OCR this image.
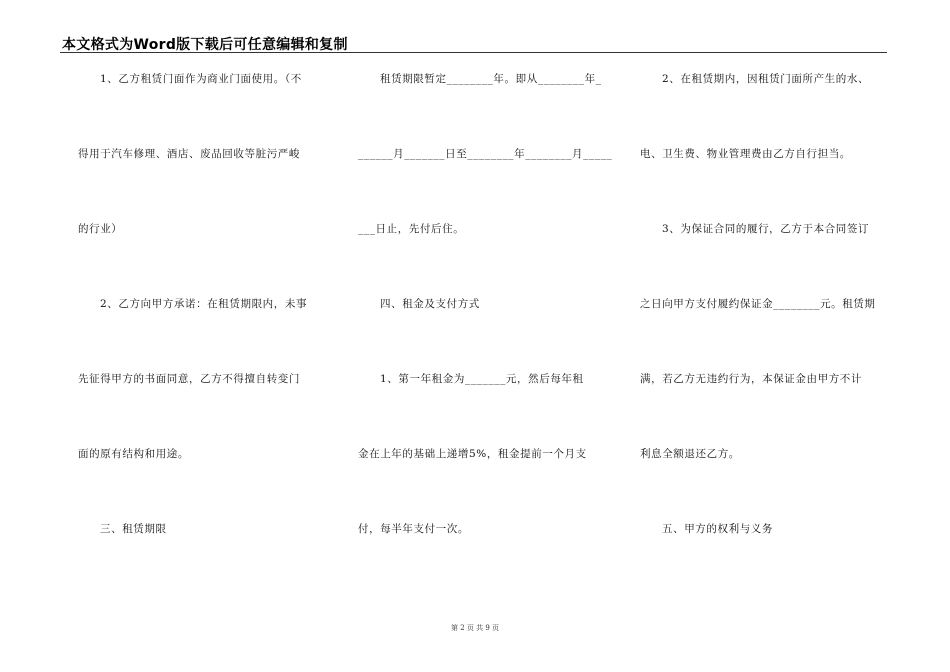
本文格式为Word版下载后可任意编辑和复制
1、乙方租赁门面作为商业门面使用。（不
得用于汽车修理、酒店、废品回收等脏污严峻
的行业）
2、乙方向甲方承诺：在租赁期限内，未事
先征得甲方的书面同意，乙方不得擅自转变门
面的原有结构和用途。
三、租赁期限
租赁期限暂定________年。即从________年_
______月_______日至________年________月_____
___日止，先付后住。
四、租金及支付方式
1、第一年租金为_______元，然后每年租
金在上年的基础上递增5%，租金提前一个月支
付，每半年支付一次。
2、在租赁期内，因租赁门面所产生的水、
电、卫生费、物业管理费由乙方自行担当。
3、为保证合同的履行，乙方于本合同签订
之日向甲方支付履约保证金________元。租赁期
满，若乙方无违约行为，本保证金由甲方不计
利息全额退还乙方。
五、甲方的权利与义务
第 2 页 共 9 页
